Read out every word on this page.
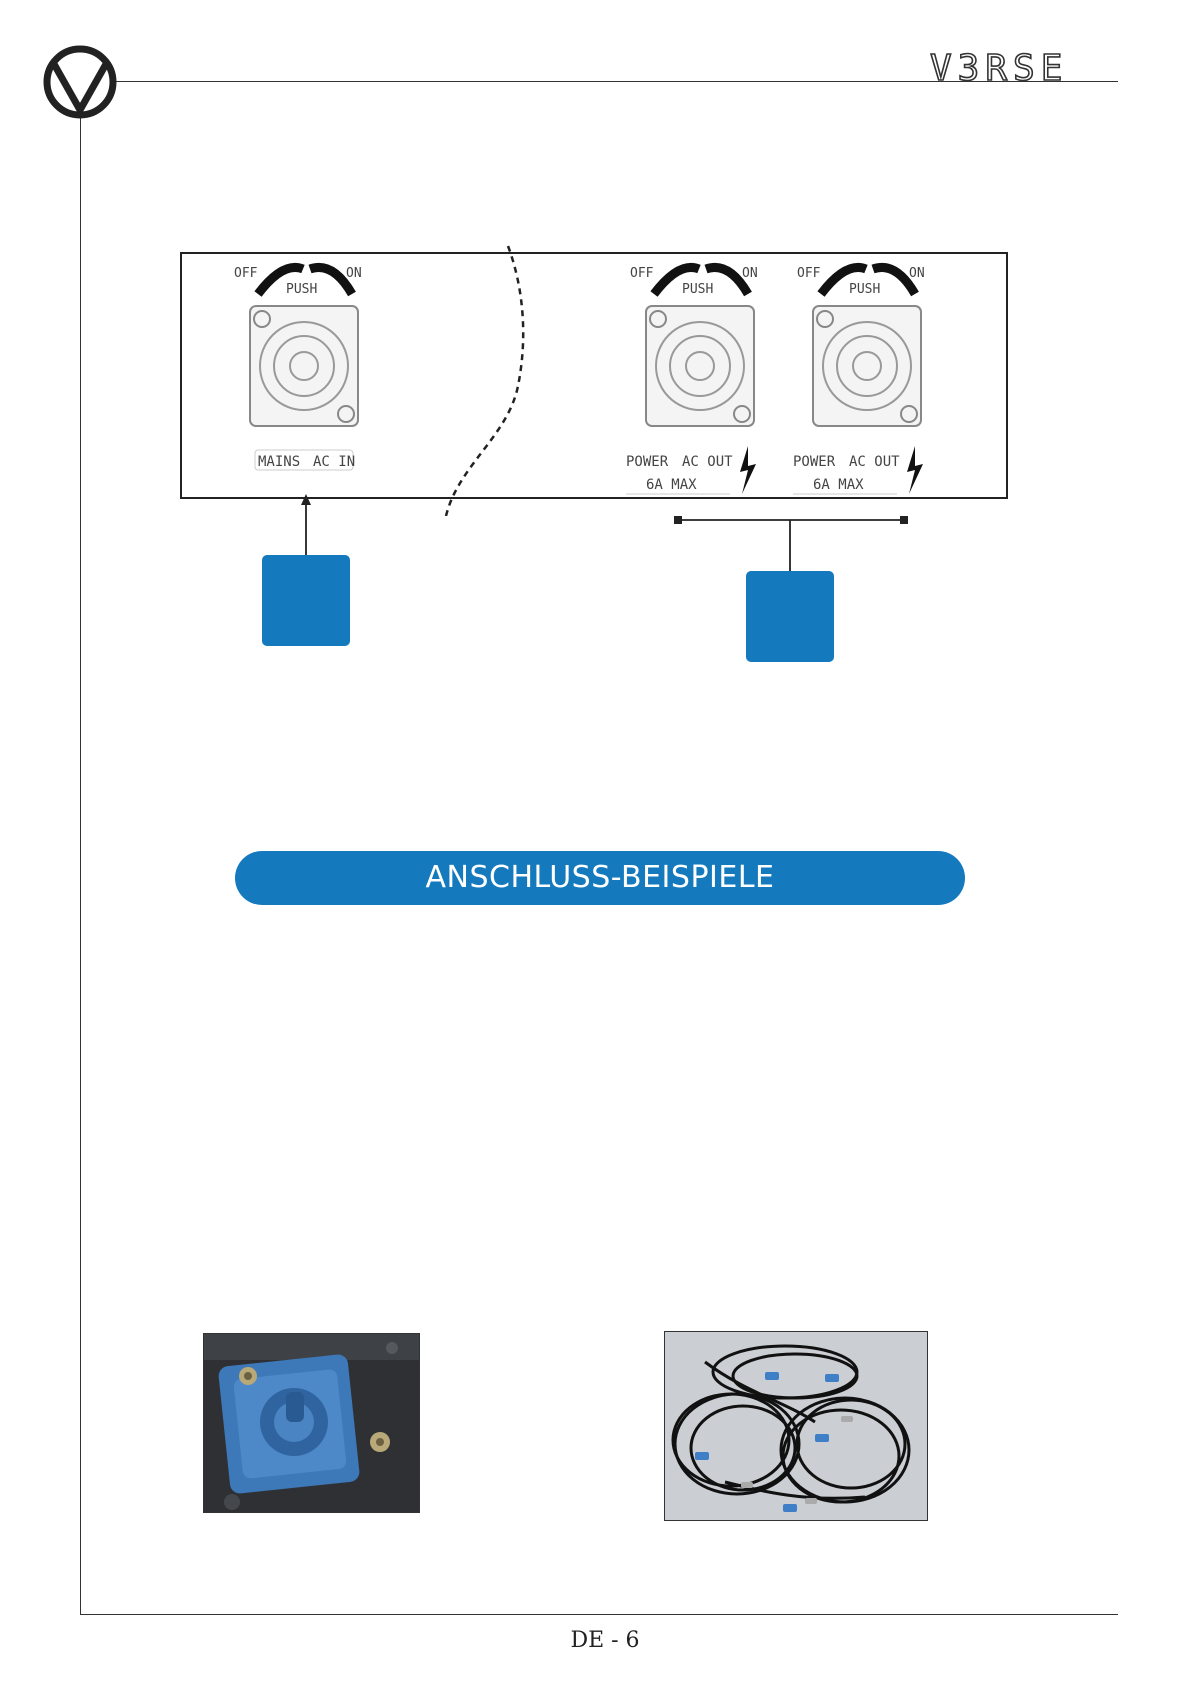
V3RSE
OFF	ON
PUSH
MAINS AC IN
OFF	ON
PUSH
POWER AC OUT
6A MAX
OFF	ON
PUSH
POWER AC OUT
6A MAX
ANSCHLUSS-BEISPIELE
DE - 6
